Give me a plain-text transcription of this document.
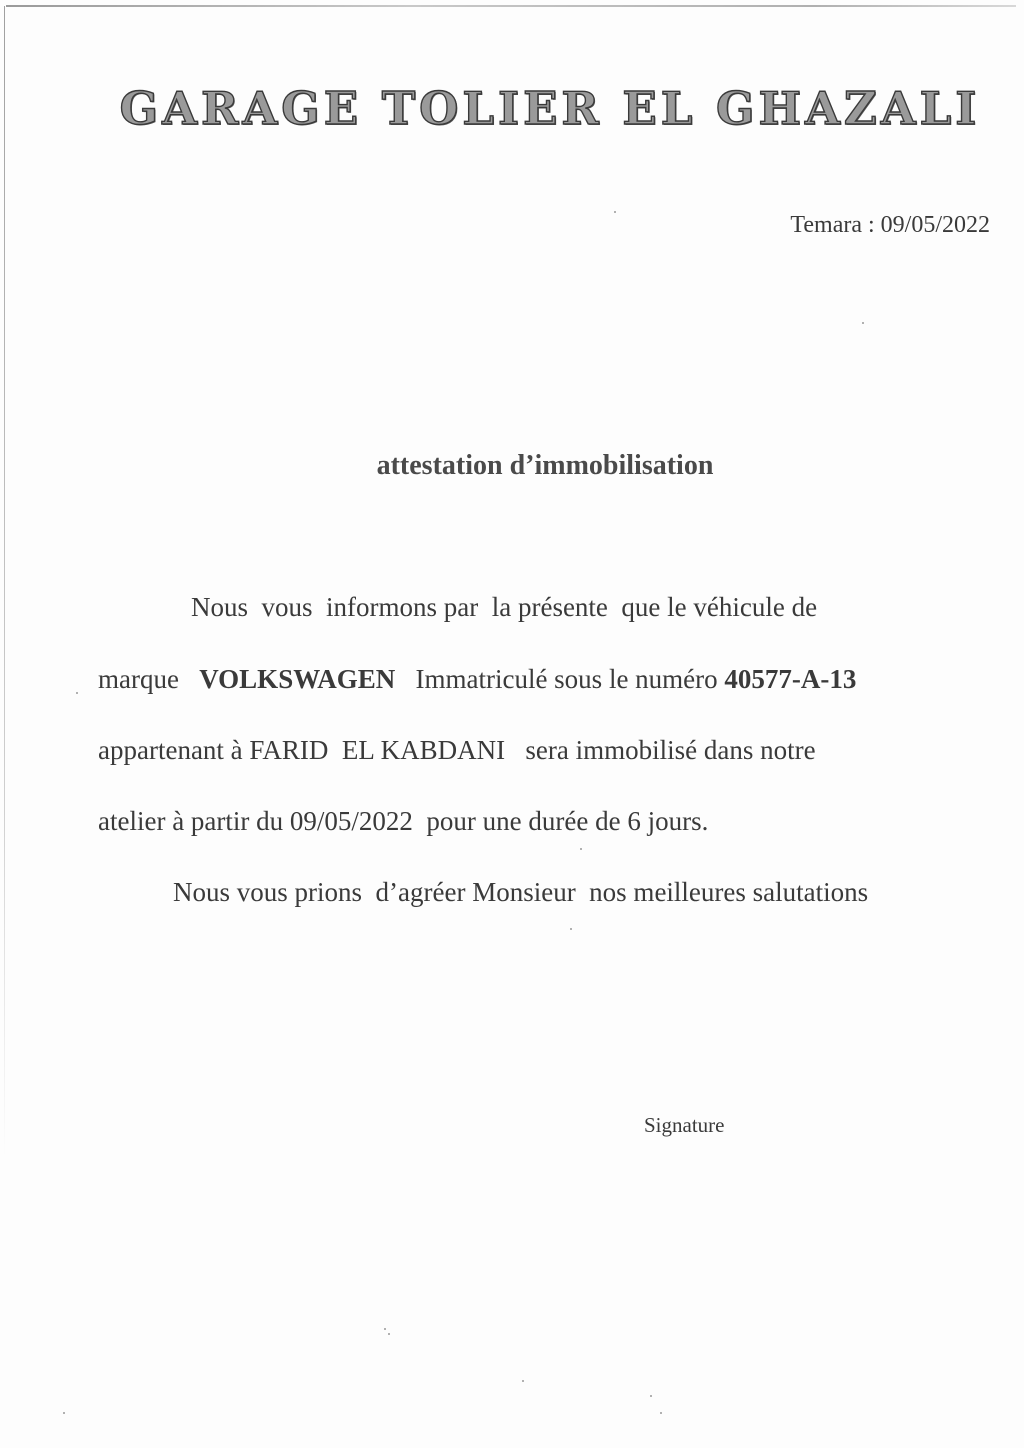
GARAGE TOLIER EL GHAZALI
Temara : 09/05/2022
attestation d’immobilisation
Nous  vous  informons par  la présente  que le véhicule de
marque   VOLKSWAGEN   Immatriculé sous le numéro 40577-A-13
appartenant à FARID  EL KABDANI   sera immobilisé dans notre
atelier à partir du 09/05/2022  pour une durée de 6 jours.
Nous vous prions  d’agréer Monsieur  nos meilleures salutations
Signature
